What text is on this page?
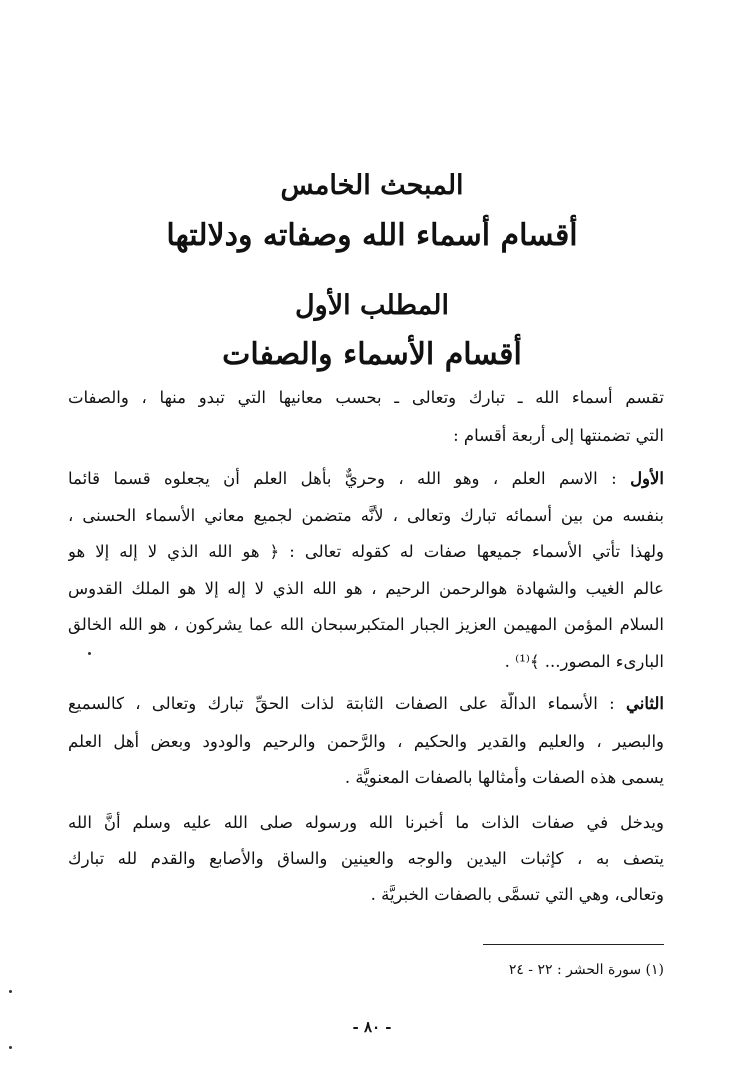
المبحث الخامس
أقسام أسماء الله وصفاته ودلالتها
المطلب الأول
أقسام الأسماء والصفات
تقسم أسماء الله ـ تبارك وتعالى ـ بحسب معانيها التي تبدو منها ، والصفات
التي تضمنتها إلى أربعة أقسام :
الأول : الاسم العلم ، وهو الله ، وحريٌّ بأهل العلم أن يجعلوه قسما قائما
بنفسه من بين أسمائه تبارك وتعالى ، لأنَّه متضمن لجميع معاني الأسماء الحسنى ،
ولهذا تأتي الأسماء جميعها صفات له كقوله تعالى : ﴿ هو الله الذي لا إله إلا هو
عالم الغيب والشهادة هوالرحمن الرحيم ، هو الله الذي لا إله إلا هو الملك القدوس
السلام المؤمن المهيمن العزيز الجبار المتكبرسبحان الله عما يشركون ، هو الله الخالق
البارىء المصور... ﴾⁽¹⁾ .
الثاني : الأسماء الدالَّة على الصفات الثابتة لذات الحقِّ تبارك وتعالى ، كالسميع
والبصير ، والعليم والقدير والحكيم ، والرَّحمن والرحيم والودود وبعض أهل العلم
يسمى هذه الصفات وأمثالها بالصفات المعنويَّة .
ويدخل في صفات الذات ما أخبرنا الله ورسوله صلى الله عليه وسلم أنَّ الله
يتصف به ، كإثبات اليدين والوجه والعينين والساق والأصابع والقدم لله تبارك
وتعالى، وهي التي تسمَّى بالصفات الخبريَّة .
(١) سورة الحشر : ٢٢ - ٢٤
- ٨٠ -
